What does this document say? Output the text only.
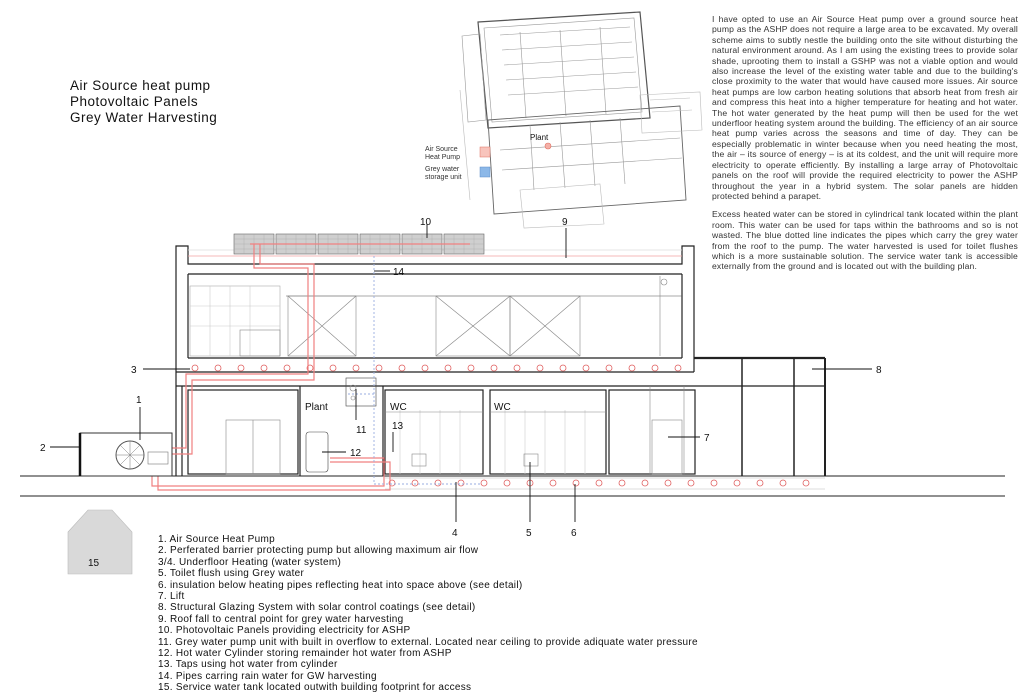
Air Source heat pump
Photovoltaic Panels
Grey Water Harvesting

I have opted to use an Air Source Heat pump over a ground source heat pump as the ASHP does not require a large area to be excavated. My overall scheme aims to subtly nestle the building onto the site without disturbing the natural environment around. As I am using the existing trees to provide solar shade, uprooting them to install a GSHP was not a viable option and would also increase the level of the existing water table and due to the building's close proximity to the water that would have caused more issues. Air source heat pumps are low carbon heating solutions that absorb heat from fresh air and compress this heat into a higher temperature for heating and hot water. The hot water generated by the heat pump will then be used for the wet underfloor heating system around the building. The efficiency of an air source heat pump varies across the seasons and time of day. They can be especially problematic in winter because when you need heating the most, the air – its source of energy – is at its coldest, and the unit will require more electricity to operate efficiently. By installing a large array of Photovoltaic panels on the roof will provide the required electricity to power the ASHP throughout the year in a hybrid system. The solar panels are hidden protected behind a parapet.

Excess heated water can be stored in cylindrical tank located within the plant room. This water can be used for taps within the bathrooms and so is not wasted. The blue dotted line indicates the pipes which carry the grey water from the roof to the pump. The water harvested is used for toilet flushes which is a more sustainable solution. The service water tank is accessible externally from the ground and is located out with the building plan.

Plant
Air Source
Heat Pump
Grey water
storage unit
Plant	WC	WC
1
2
3
4	5	6
7
8
9
10
11
12
13
14
15
1. Air Source Heat Pump
2. Perferated barrier protecting pump but allowing maximum air flow
3/4. Underfloor Heating (water system)
5. Toilet flush using Grey water
6. insulation below heating pipes reflecting heat into space above (see detail)
7. Lift
8. Structural Glazing System with solar control coatings (see detail)
9. Roof fall to central point for grey water harvesting
10. Photovoltaic Panels providing electricity for ASHP
11. Grey water pump unit with built in overflow to external. Located near ceiling to provide adiquate water pressure
12. Hot water Cylinder storing remainder hot water from ASHP
13. Taps using hot water from cylinder
14. Pipes carring rain water for GW harvesting
15. Service water tank located outwith building footprint for access
